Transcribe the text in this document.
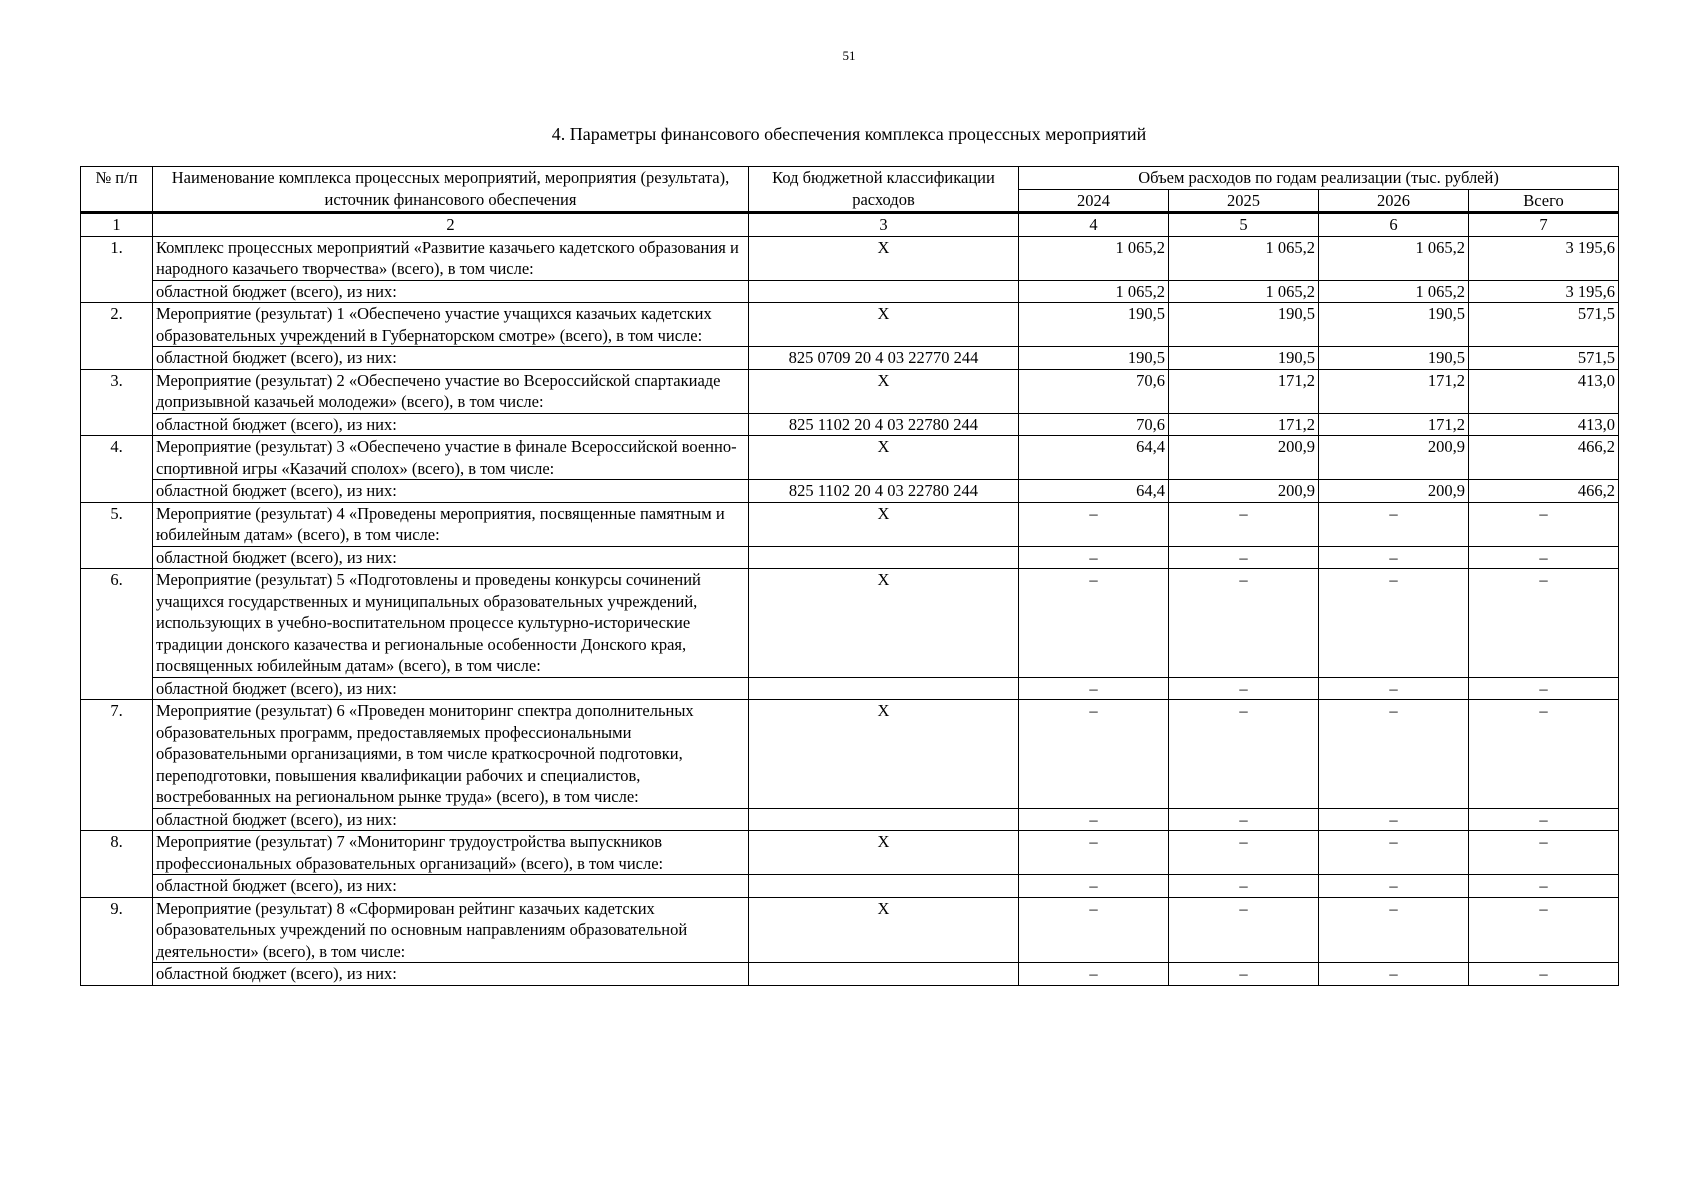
51
4. Параметры финансового обеспечения комплекса процессных мероприятий
№ п/п	Наименование комплекса процессных мероприятий, мероприятия (результата), источник финансового обеспечения	Код бюджетной классификации расходов	Объем расходов по годам реализации (тыс. рублей)			
			2024	2025	2026	Всего
1	2	3	4	5	6	7
1.	Комплекс процессных мероприятий «Развитие казачьего кадетского образования и народного казачьего творчества» (всего), в том числе:	X	1 065,2	1 065,2	1 065,2	3 195,6
	областной бюджет (всего), из них:		1 065,2	1 065,2	1 065,2	3 195,6
2.	Мероприятие (результат) 1 «Обеспечено участие учащихся казачьих кадетских образовательных учреждений в Губернаторском смотре» (всего), в том числе:	X	190,5	190,5	190,5	571,5
	областной бюджет (всего), из них:	825 0709 20 4 03 22770 244	190,5	190,5	190,5	571,5
3.	Мероприятие (результат) 2 «Обеспечено участие во Всероссийской спартакиаде допризывной казачьей молодежи» (всего), в том числе:	X	70,6	171,2	171,2	413,0
	областной бюджет (всего), из них:	825 1102 20 4 03 22780 244	70,6	171,2	171,2	413,0
4.	Мероприятие (результат) 3 «Обеспечено участие в финале Всероссийской военно-спортивной игры «Казачий сполох» (всего), в том числе:	X	64,4	200,9	200,9	466,2
	областной бюджет (всего), из них:	825 1102 20 4 03 22780 244	64,4	200,9	200,9	466,2
5.	Мероприятие (результат) 4 «Проведены мероприятия, посвященные памятным и юбилейным датам» (всего), в том числе:	X	–	–	–	–
	областной бюджет (всего), из них:		–	–	–	–
6.	Мероприятие (результат) 5 «Подготовлены и проведены конкурсы сочинений учащихся государственных и муниципальных образовательных учреждений, использующих в учебно-воспитательном процессе культурно-исторические традиции донского казачества и региональные особенности Донского края, посвященных юбилейным датам» (всего), в том числе:	X	–	–	–	–
	областной бюджет (всего), из них:		–	–	–	–
7.	Мероприятие (результат) 6 «Проведен мониторинг спектра дополнительных образовательных программ, предоставляемых профессиональными образовательными организациями, в том числе краткосрочной подготовки, переподготовки, повышения квалификации рабочих и специалистов, востребованных на региональном рынке труда» (всего), в том числе:	X	–	–	–	–
	областной бюджет (всего), из них:		–	–	–	–
8.	Мероприятие (результат) 7 «Мониторинг трудоустройства выпускников профессиональных образовательных организаций» (всего), в том числе:	X	–	–	–	–
	областной бюджет (всего), из них:		–	–	–	–
9.	Мероприятие (результат) 8 «Сформирован рейтинг казачьих кадетских образовательных учреждений по основным направлениям образовательной деятельности» (всего), в том числе:	X	–	–	–	–
	областной бюджет (всего), из них:		–	–	–	–
